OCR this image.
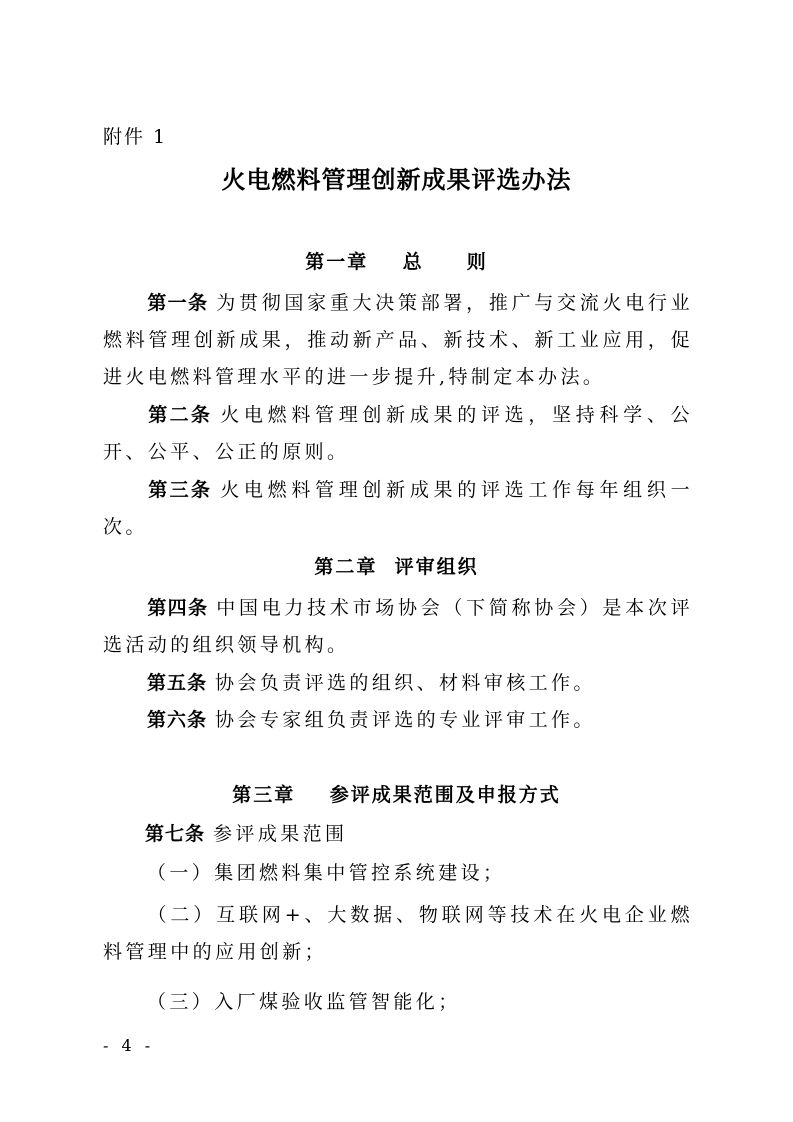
附件 1
火电燃料管理创新成果评选办法
第一章    总     则
第一条 为贯彻国家重大决策部署，推广与交流火电行业燃料管理创新成果，推动新产品、新技术、新工业应用，促进火电燃料管理水平的进一步提升,特制定本办法。
第二条 火电燃料管理创新成果的评选，坚持科学、公开、公平、公正的原则。
第三条 火电燃料管理创新成果的评选工作每年组织一次。
第二章  评审组织
第四条 中国电力技术市场协会（下简称协会）是本次评选活动的组织领导机构。
第五条 协会负责评选的组织、材料审核工作。
第六条 协会专家组负责评选的专业评审工作。
第三章    参评成果范围及申报方式
第七条 参评成果范围
（一）集团燃料集中管控系统建设；
（二）互联网+、大数据、物联网等技术在火电企业燃料管理中的应用创新；
（三）入厂煤验收监管智能化；
- 4 -
